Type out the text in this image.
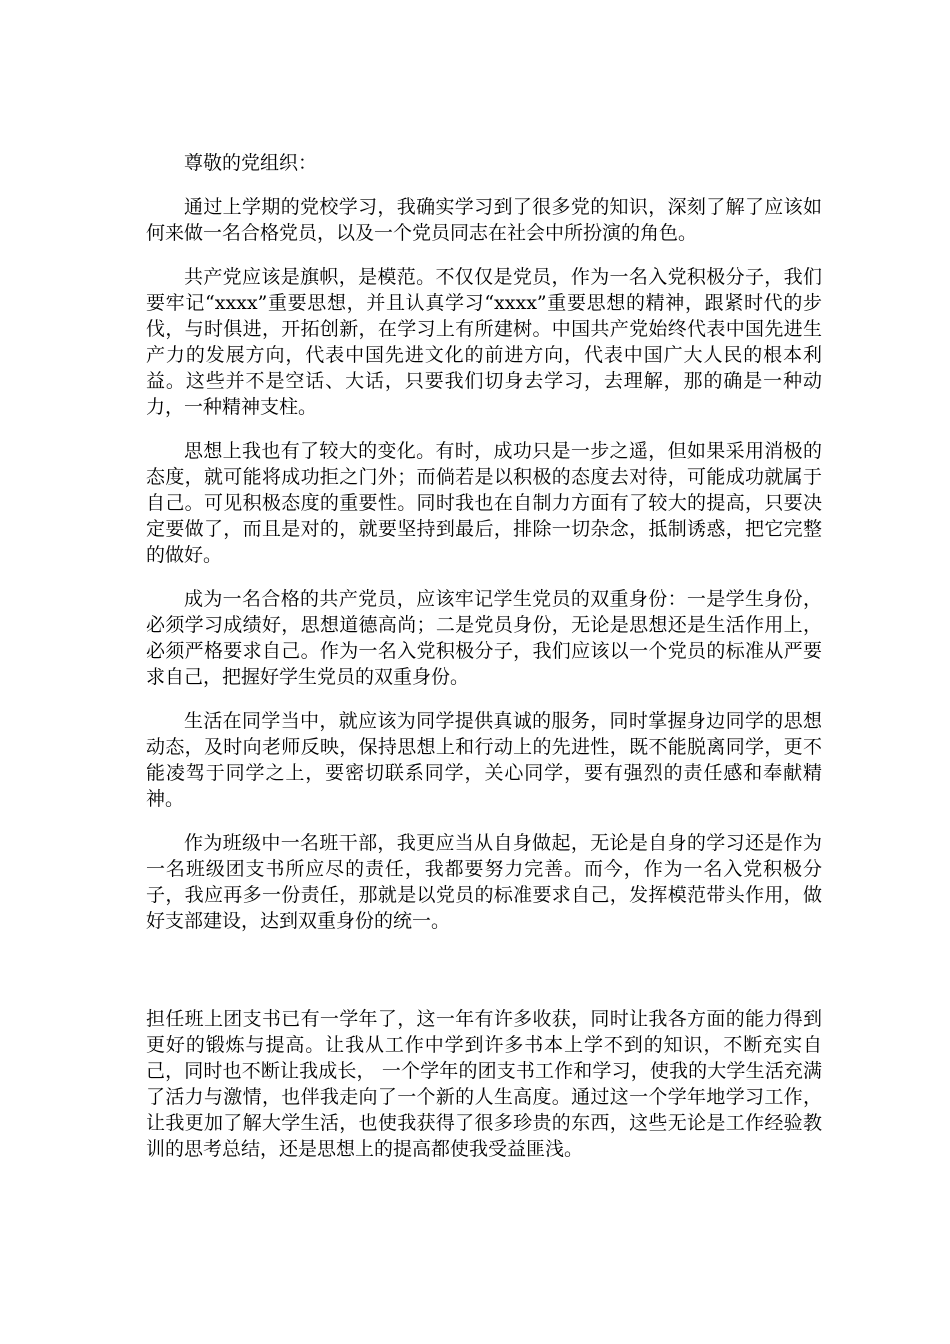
尊敬的党组织：

通过上学期的党校学习，我确实学习到了很多党的知识，深刻了解了应该如何来做一名合格党员，以及一个党员同志在社会中所扮演的角色。

共产党应该是旗帜，是模范。不仅仅是党员，作为一名入党积极分子，我们要牢记“xxxx”重要思想，并且认真学习“xxxx”重要思想的精神，跟紧时代的步伐，与时俱进，开拓创新，在学习上有所建树。中国共产党始终代表中国先进生产力的发展方向，代表中国先进文化的前进方向，代表中国广大人民的根本利益。这些并不是空话、大话，只要我们切身去学习，去理解，那的确是一种动力，一种精神支柱。

思想上我也有了较大的变化。有时，成功只是一步之遥，但如果采用消极的态度，就可能将成功拒之门外；而倘若是以积极的态度去对待，可能成功就属于自己。可见积极态度的重要性。同时我也在自制力方面有了较大的提高，只要决定要做了，而且是对的，就要坚持到最后，排除一切杂念，抵制诱惑，把它完整的做好。

成为一名合格的共产党员，应该牢记学生党员的双重身份：一是学生身份，必须学习成绩好，思想道德高尚；二是党员身份，无论是思想还是生活作用上，必须严格要求自己。作为一名入党积极分子，我们应该以一个党员的标准从严要求自己，把握好学生党员的双重身份。

生活在同学当中，就应该为同学提供真诚的服务，同时掌握身边同学的思想动态，及时向老师反映，保持思想上和行动上的先进性，既不能脱离同学，更不能凌驾于同学之上，要密切联系同学，关心同学，要有强烈的责任感和奉献精神。

作为班级中一名班干部，我更应当从自身做起，无论是自身的学习还是作为一名班级团支书所应尽的责任，我都要努力完善。而今，作为一名入党积极分子，我应再多一份责任，那就是以党员的标准要求自己，发挥模范带头作用，做好支部建设，达到双重身份的统一。

担任班上团支书已有一学年了，这一年有许多收获，同时让我各方面的能力得到更好的锻炼与提高。让我从工作中学到许多书本上学不到的知识，不断充实自己，同时也不断让我成长， 一个学年的团支书工作和学习，使我的大学生活充满了活力与激情，也伴我走向了一个新的人生高度。通过这一个学年地学习工作，让我更加了解大学生活，也使我获得了很多珍贵的东西，这些无论是工作经验教训的思考总结，还是思想上的提高都使我受益匪浅。
